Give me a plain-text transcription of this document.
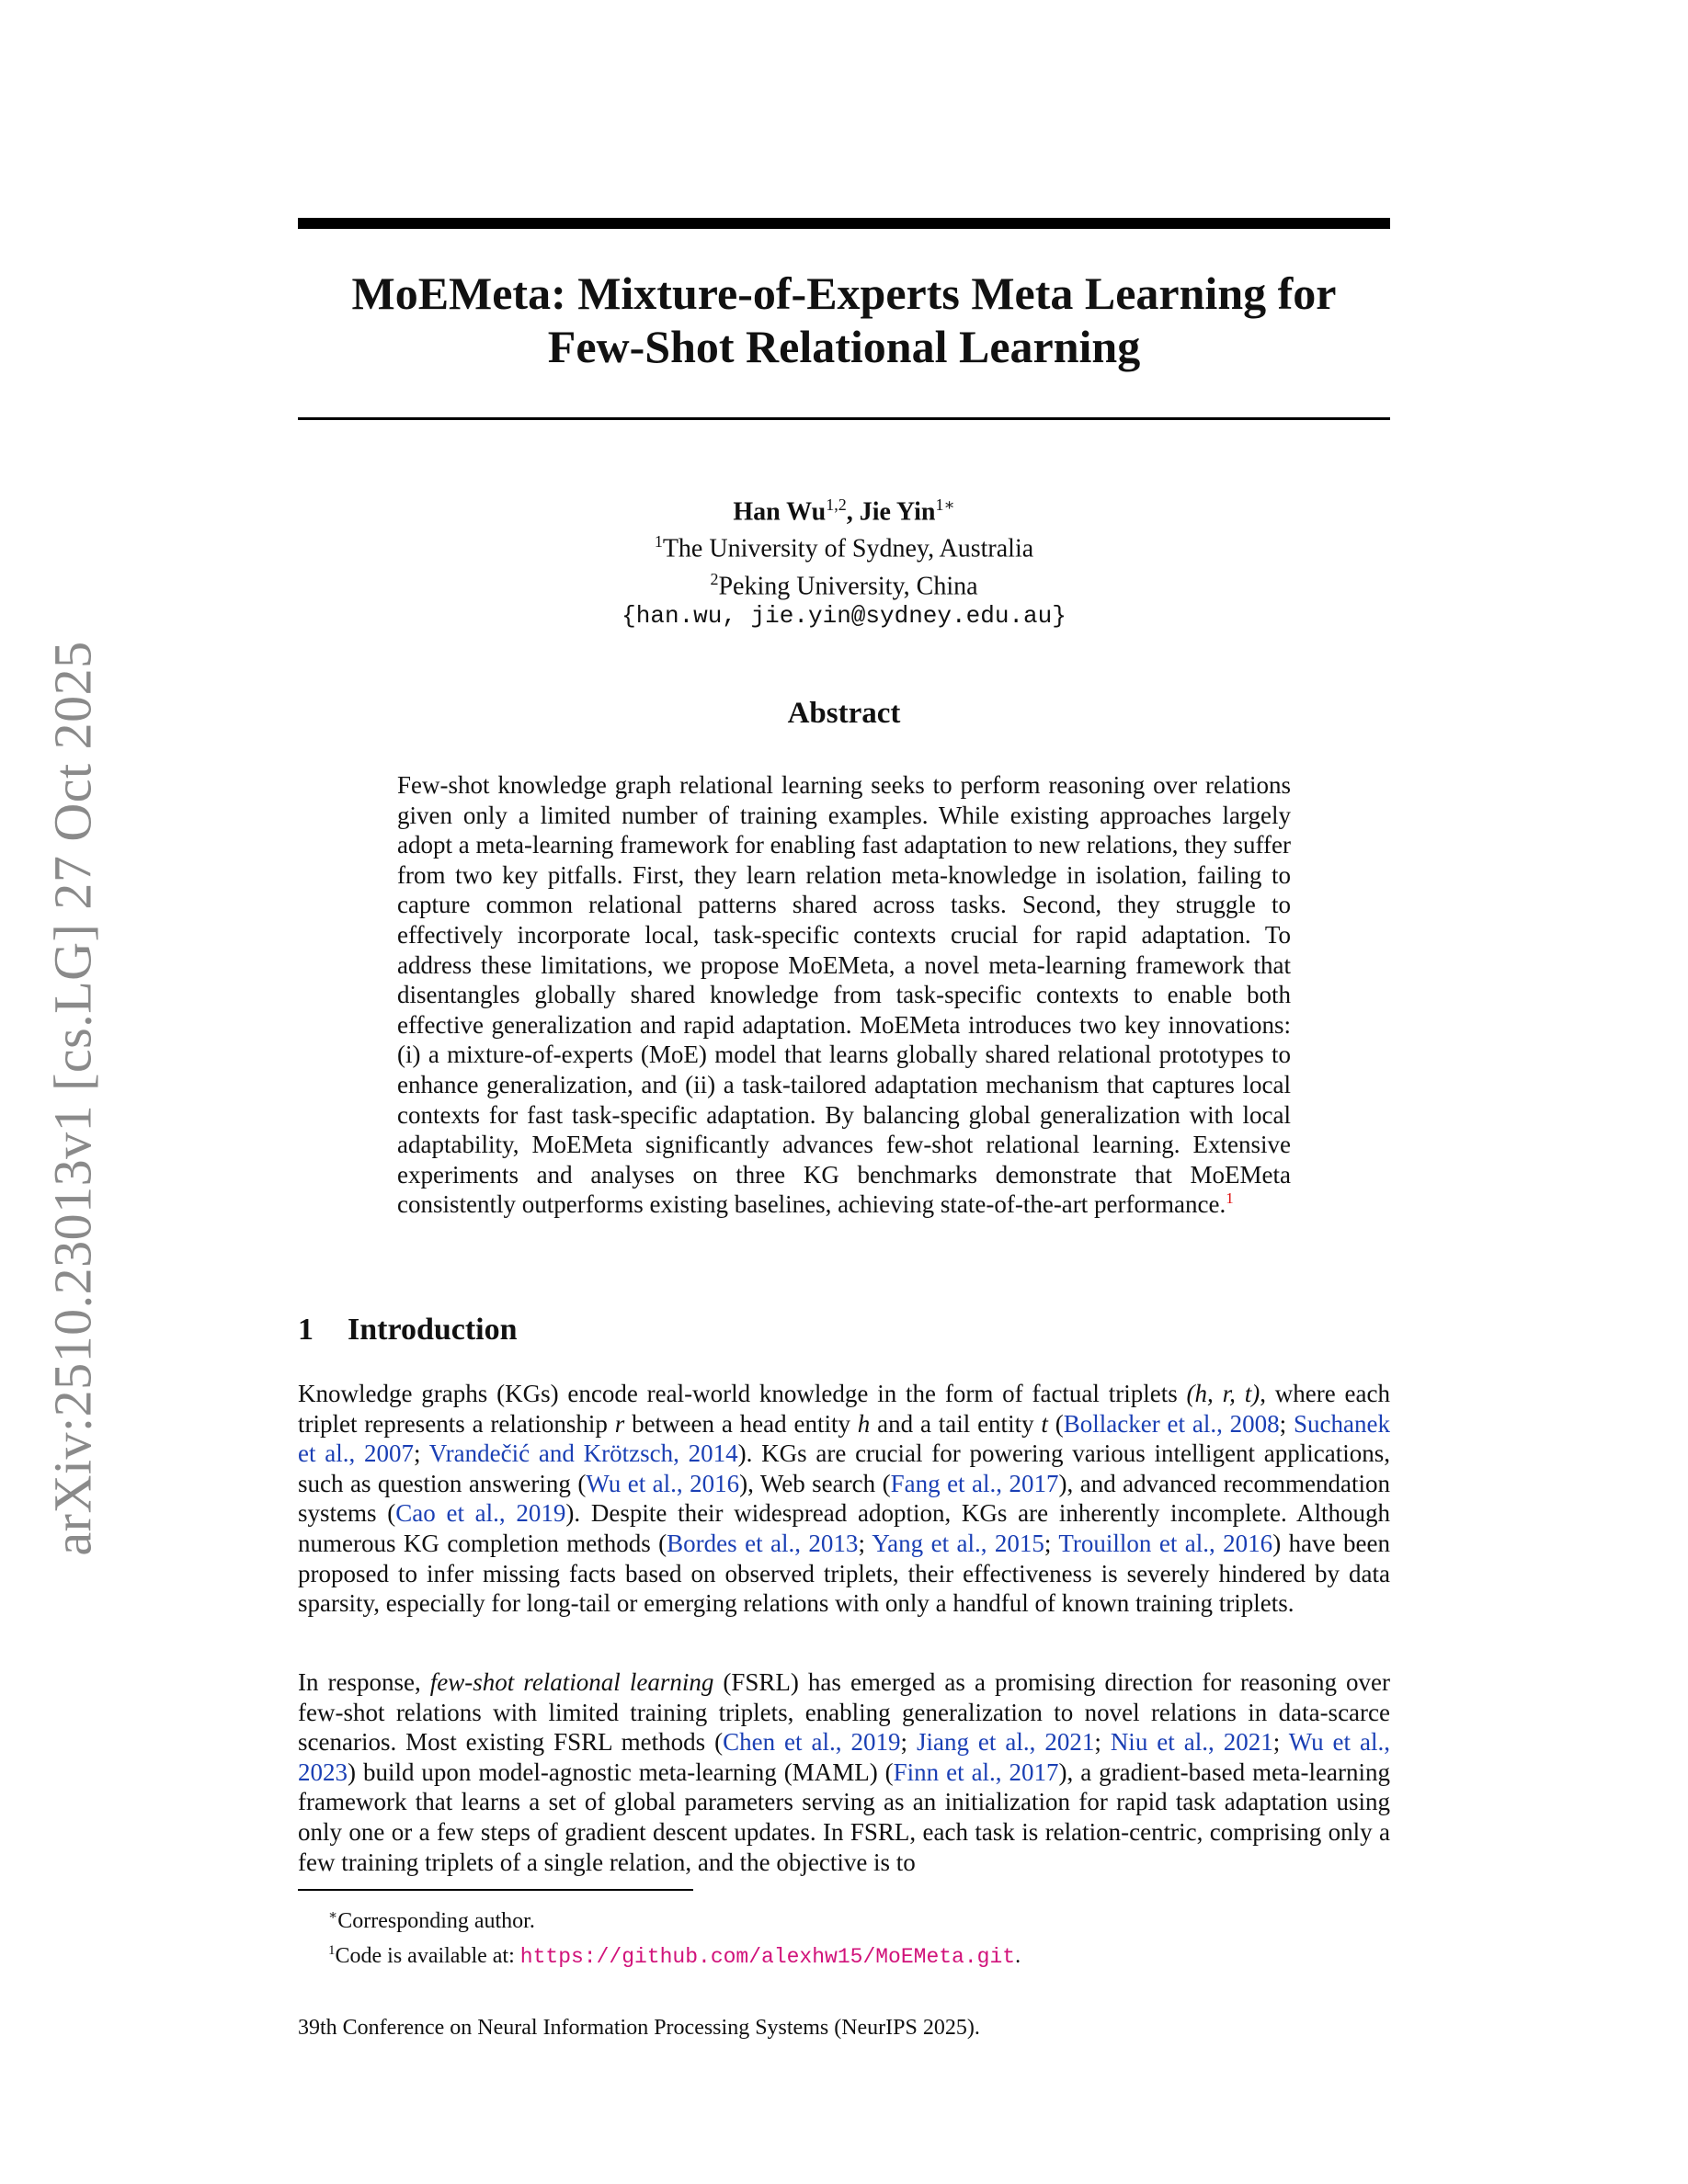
arXiv:2510.23013v1 [cs.LG] 27 Oct 2025
MoEMeta: Mixture-of-Experts Meta Learning for
Few-Shot Relational Learning
Han Wu$^{1,2}$, Jie Yin$^{1∗}$
$^1$The University of Sydney, Australia
$^2$Peking University, China
{han.wu, jie.yin@sydney.edu.au}
Abstract

Few-shot knowledge graph relational learning seeks to perform reasoning over relations given only a limited number of training examples. While existing approaches largely adopt a meta-learning framework for enabling fast adaptation to new relations, they suffer from two key pitfalls. First, they learn relation meta-knowledge in isolation, failing to capture common relational patterns shared across tasks. Second, they struggle to effectively incorporate local, task-specific contexts crucial for rapid adaptation. To address these limitations, we propose MoEMeta, a novel meta-learning framework that disentangles globally shared knowledge from task-specific contexts to enable both effective generalization and rapid adaptation. MoEMeta introduces two key innovations: (i) a mixture-of-experts (MoE) model that learns globally shared relational prototypes to enhance generalization, and (ii) a task-tailored adaptation mechanism that captures local contexts for fast task-specific adaptation. By balancing global generalization with local adaptability, MoEMeta significantly advances few-shot relational learning. Extensive experiments and analyses on three KG benchmarks demonstrate that MoEMeta consistently outperforms existing baselines, achieving state-of-the-art performance.$^1$

1 Introduction

Knowledge graphs (KGs) encode real-world knowledge in the form of factual triplets (h, r, t), where each triplet represents a relationship r between a head entity h and a tail entity t (Bollacker et al., 2008; Suchanek et al., 2007; Vrandečić and Krötzsch, 2014). KGs are crucial for powering various intelligent applications, such as question answering (Wu et al., 2016), Web search (Fang et al., 2017), and advanced recommendation systems (Cao et al., 2019). Despite their widespread adoption, KGs are inherently incomplete. Although numerous KG completion methods (Bordes et al., 2013; Yang et al., 2015; Trouillon et al., 2016) have been proposed to infer missing facts based on observed triplets, their effectiveness is severely hindered by data sparsity, especially for long-tail or emerging relations with only a handful of known training triplets.

In response, few-shot relational learning (FSRL) has emerged as a promising direction for reasoning over few-shot relations with limited training triplets, enabling generalization to novel relations in data-scarce scenarios. Most existing FSRL methods (Chen et al., 2019; Jiang et al., 2021; Niu et al., 2021; Wu et al., 2023) build upon model-agnostic meta-learning (MAML) (Finn et al., 2017), a gradient-based meta-learning framework that learns a set of global parameters serving as an initialization for rapid task adaptation using only one or a few steps of gradient descent updates. In FSRL, each task is relation-centric, comprising only a few training triplets of a single relation, and the objective is to

∗Corresponding author.
$^1$Code is available at: https://github.com/alexhw15/MoEMeta.git.
39th Conference on Neural Information Processing Systems (NeurIPS 2025).
